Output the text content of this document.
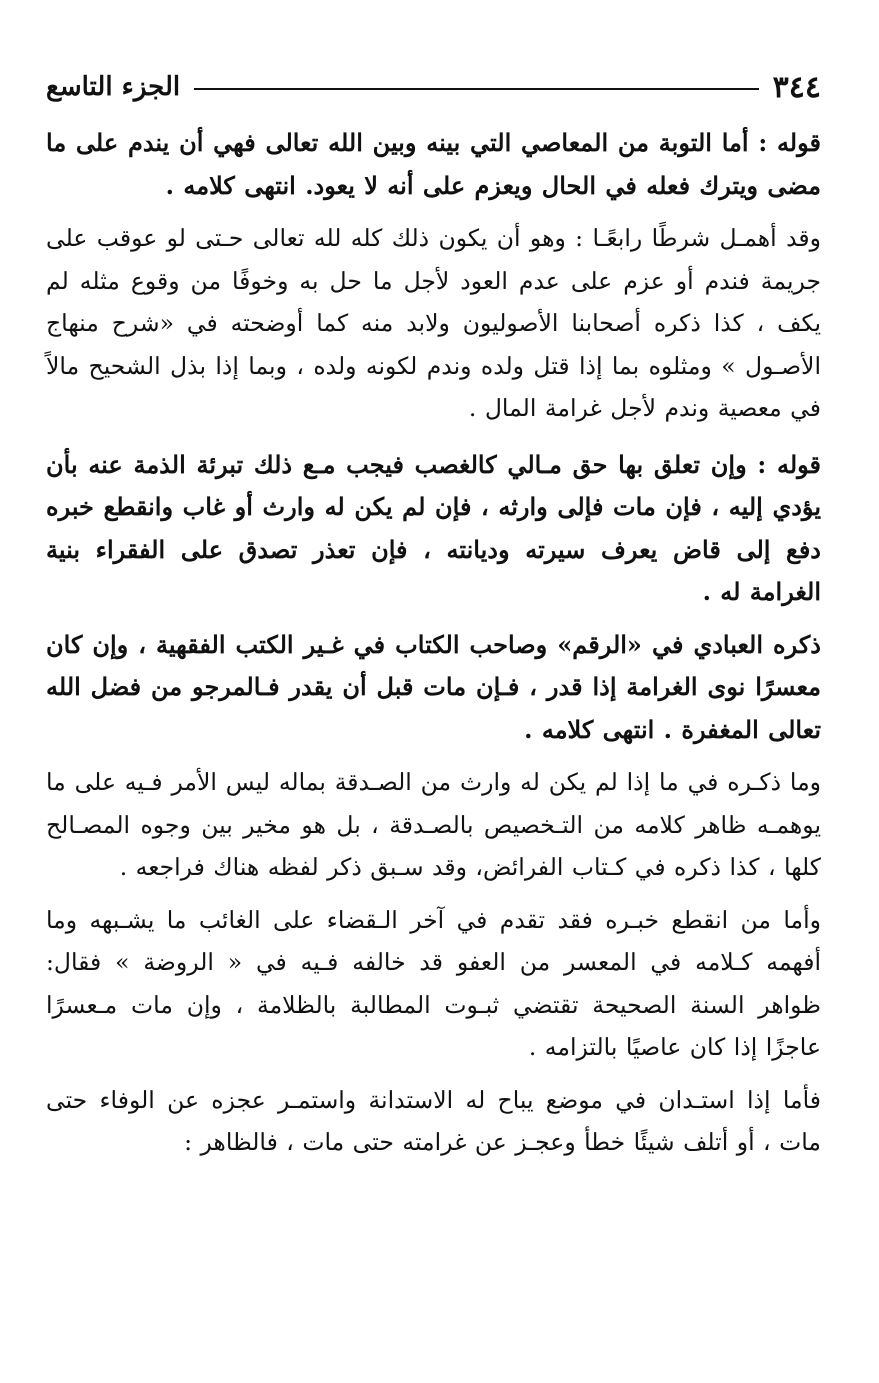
٣٤٤
الجزء التاسع

قوله : أما التوبة من المعاصي التي بينه وبين الله تعالى فهي أن يندم على ما مضى ويترك فعله في الحال ويعزم على أنه لا يعود. انتهى كلامه .

وقد أهمـل شرطًا رابعًـا : وهو أن يكون ذلك كله لله تعالى حـتى لو عوقب على جريمة فندم أو عزم على عدم العود لأجل ما حل به وخوفًا من وقوع مثله لم يكف ، كذا ذكره أصحابنا الأصوليون ولابد منه كما أوضحته في «شرح منهاج الأصـول » ومثلوه بما إذا قتل ولده وندم لكونه ولده ، وبما إذا بذل الشحيح مالاً في معصية وندم لأجل غرامة المال .

قوله : وإن تعلق بها حق مـالي كالغصب فيجب مـع ذلك تبرئة الذمة عنه بأن يؤدي إليه ، فإن مات فإلى وارثه ، فإن لم يكن له وارث أو غاب وانقطع خبره دفع إلى قاض يعرف سيرته وديانته ، فإن تعذر تصدق على الفقراء بنية الغرامة له .

ذكره العبادي في «الرقم» وصاحب الكتاب في غـير الكتب الفقهية ، وإن كان معسرًا نوى الغرامة إذا قدر ، فـإن مات قبل أن يقدر فـالمرجو من فضل الله تعالى المغفرة . انتهى كلامه .

وما ذكـره في ما إذا لم يكن له وارث من الصـدقة بماله ليس الأمر فـيه على ما يوهمـه ظاهر كلامه من التـخصيص بالصـدقة ، بل هو مخير بين وجوه المصـالح كلها ، كذا ذكره في كـتاب الفرائض، وقد سـبق ذكر لفظه هناك فراجعه .

وأما من انقطع خبـره فقد تقدم في آخر الـقضاء على الغائب ما يشـبهه وما أفهمه كـلامه في المعسر من العفو قد خالفه فـيه في « الروضة » فقال: ظواهر السنة الصحيحة تقتضي ثبـوت المطالبة بالظلامة ، وإن مات مـعسرًا عاجزًا إذا كان عاصيًا بالتزامه .

فأما إذا استـدان في موضع يباح له الاستدانة واستمـر عجزه عن الوفاء حتى مات ، أو أتلف شيئًا خطأ وعجـز عن غرامته حتى مات ، فالظاهر :
